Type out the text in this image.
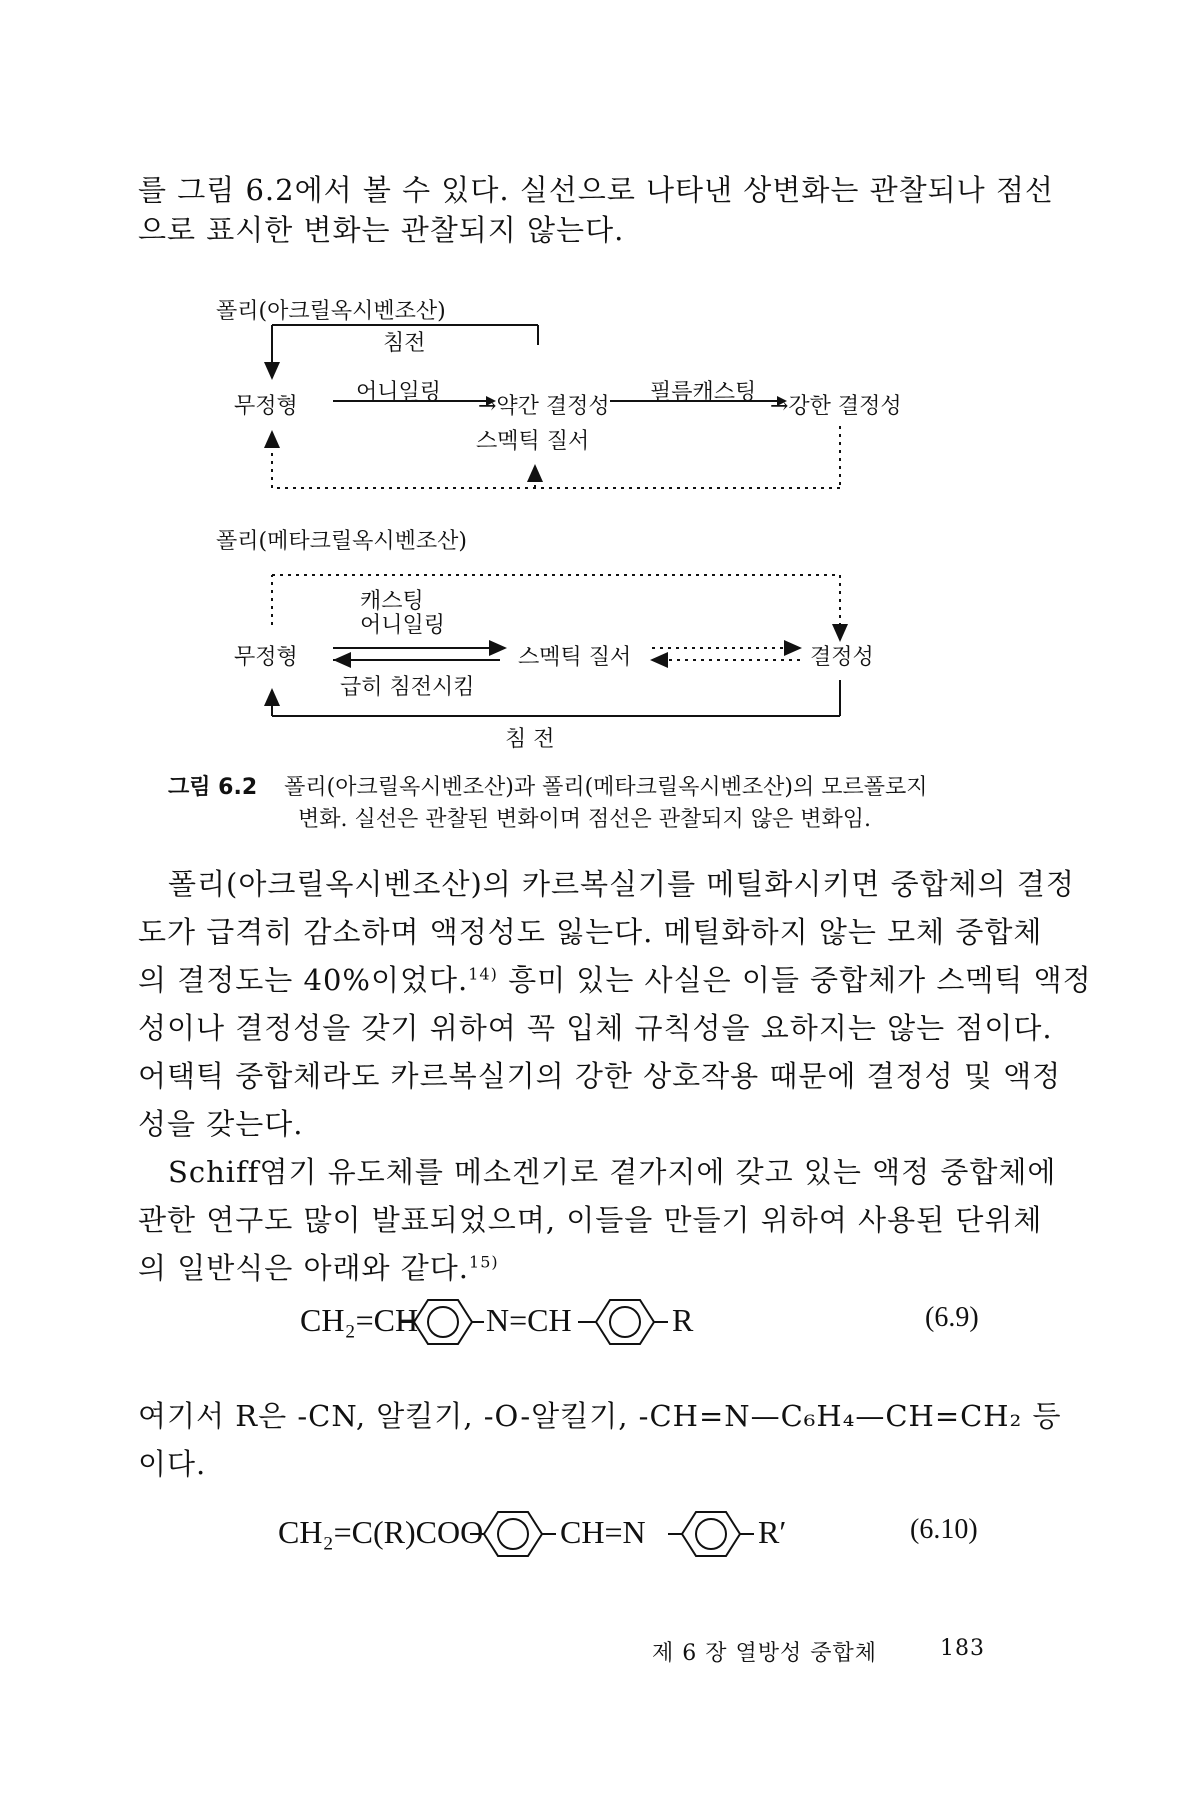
를 그림 6.2에서 볼 수 있다. 실선으로 나타낸 상변화는 관찰되나 점선
으로 표시한 변화는 관찰되지 않는다.
폴리(아크릴옥시벤조산)
침전
무정형
어니일링
→약간 결정성
필름캐스팅
→강한 결정성
스멕틱 질서
폴리(메타크릴옥시벤조산)
캐스팅
어니일링
무정형	스멕틱 질서	결정성
급히 침전시킴
침 전
그림 6.2 폴리(아크릴옥시벤조산)과 폴리(메타크릴옥시벤조산)의 모르폴로지
변화. 실선은 관찰된 변화이며 점선은 관찰되지 않은 변화임.
폴리(아크릴옥시벤조산)의 카르복실기를 메틸화시키면 중합체의 결정
도가 급격히 감소하며 액정성도 잃는다. 메틸화하지 않는 모체 중합체
의 결정도는 40%이었다.$^{14)}$ 흥미 있는 사실은 이들 중합체가 스멕틱 액정
성이나 결정성을 갖기 위하여 꼭 입체 규칙성을 요하지는 않는 점이다.
어택틱 중합체라도 카르복실기의 강한 상호작용 때문에 결정성 및 액정
성을 갖는다.
Schiff염기 유도체를 메소겐기로 곁가지에 갖고 있는 액정 중합체에
관한 연구도 많이 발표되었으며, 이들을 만들기 위하여 사용된 단위체
의 일반식은 아래와 같다.$^{15)}$
CH₂=CH N=CH	R	(6.9)
여기서 R은 -CN, 알킬기, -O-알킬기, -CH=N—C₆H₄—CH=CH₂ 등
이다.
CH₂=C(R)COO CH=N	R′	(6.10)
제 6 장 열방성 중합체	183
